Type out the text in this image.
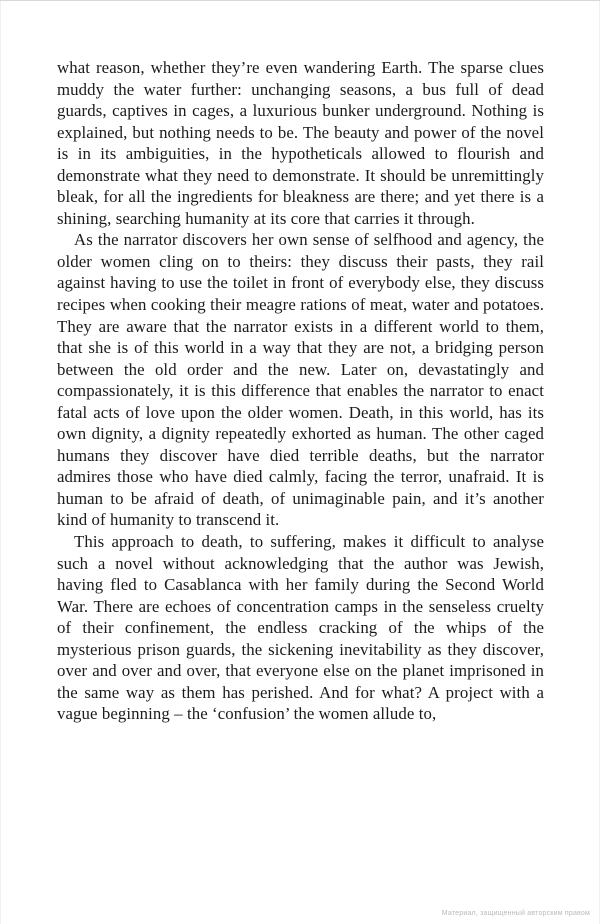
what reason, whether they’re even wandering Earth. The sparse clues muddy the water further: unchanging seasons, a bus full of dead guards, captives in cages, a luxurious bunker underground. Nothing is explained, but nothing needs to be. The beauty and power of the novel is in its ambiguities, in the hypotheticals allowed to flourish and demonstrate what they need to demonstrate. It should be unremittingly bleak, for all the ingredients for bleakness are there; and yet there is a shining, searching humanity at its core that carries it through.

As the narrator discovers her own sense of selfhood and agency, the older women cling on to theirs: they discuss their pasts, they rail against having to use the toilet in front of everybody else, they discuss recipes when cooking their meagre rations of meat, water and potatoes. They are aware that the narrator exists in a different world to them, that she is of this world in a way that they are not, a bridging person between the old order and the new. Later on, devastatingly and compassionately, it is this difference that enables the narrator to enact fatal acts of love upon the older women. Death, in this world, has its own dignity, a dignity repeatedly exhorted as human. The other caged humans they discover have died terrible deaths, but the narrator admires those who have died calmly, facing the terror, unafraid. It is human to be afraid of death, of unimaginable pain, and it’s another kind of humanity to transcend it.

This approach to death, to suffering, makes it difficult to analyse such a novel without acknowledging that the author was Jewish, having fled to Casablanca with her family during the Second World War. There are echoes of concentration camps in the senseless cruelty of their confinement, the endless cracking of the whips of the mysterious prison guards, the sickening inevitability as they discover, over and over and over, that everyone else on the planet imprisoned in the same way as them has perished. And for what? A project with a vague beginning – the ‘confusion’ the women allude to,

Материал, защищенный авторским правом
